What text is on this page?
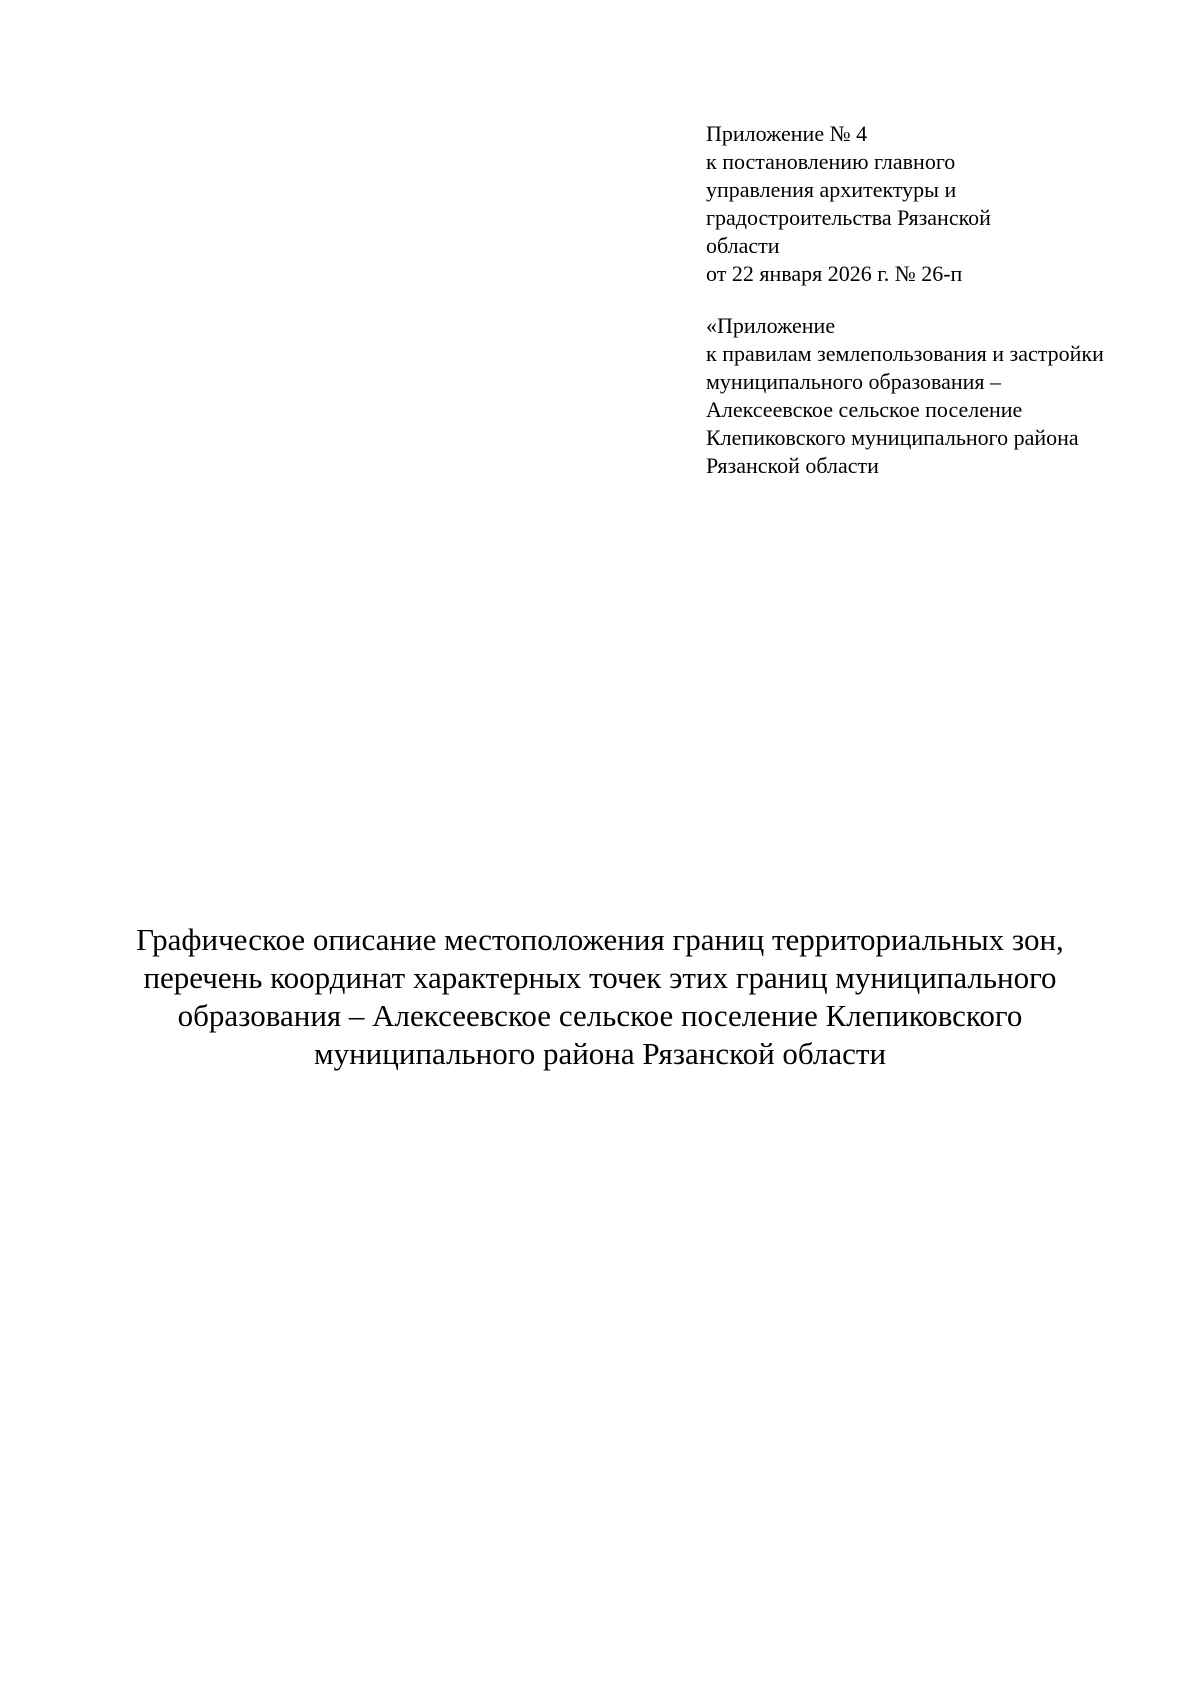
Приложение № 4
к постановлению главного
управления архитектуры и
градостроительства Рязанской
области
от 22 января 2026 г. № 26-п
«Приложение
к правилам землепользования и застройки
муниципального образования –
Алексеевское сельское поселение
Клепиковского муниципального района
Рязанской области
Графическое описание местоположения границ территориальных зон,
перечень координат характерных точек этих границ муниципального
образования – Алексеевское сельское поселение Клепиковского
муниципального района Рязанской области
